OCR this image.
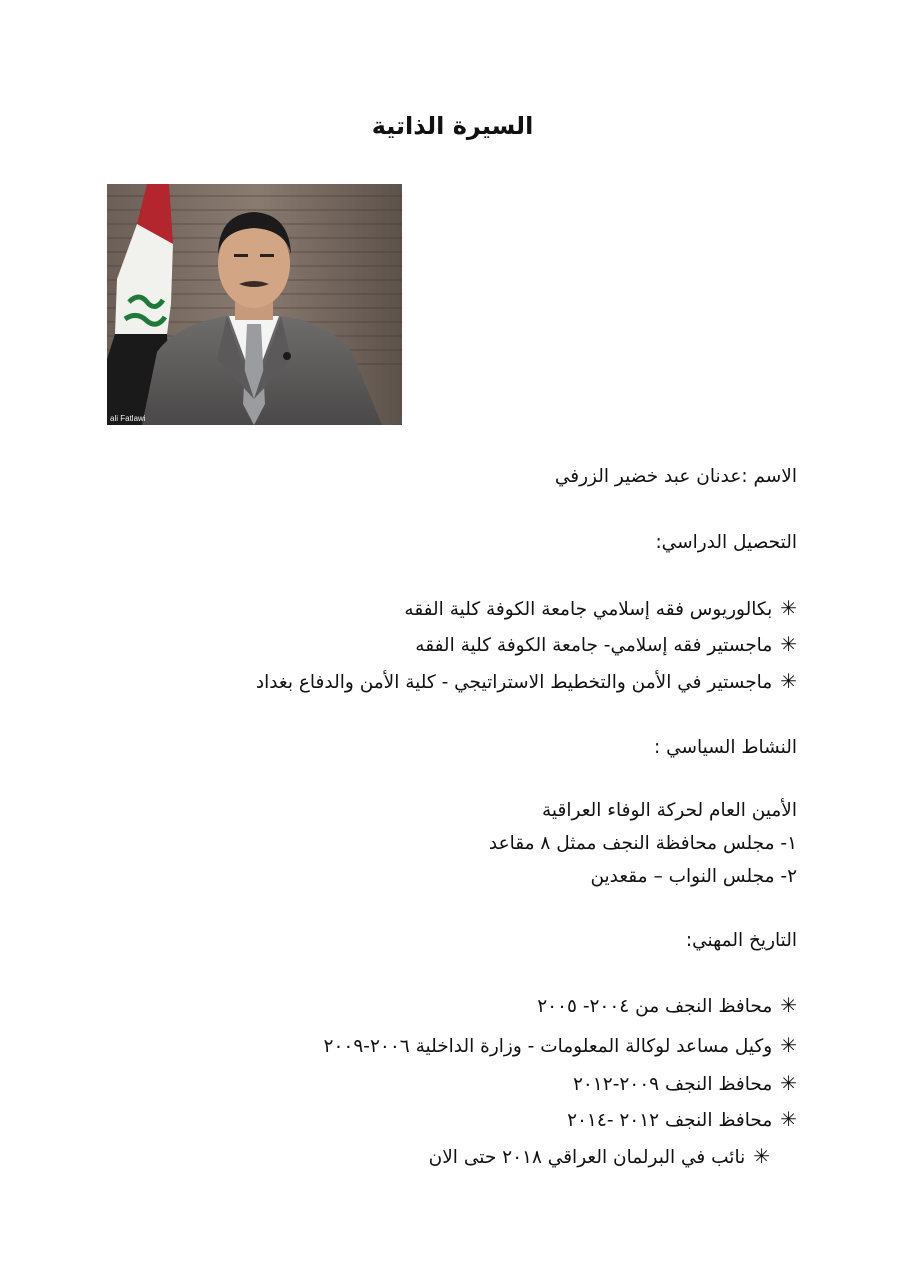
السيرة الذاتية
ali Fatlawi
الاسم :عدنان عبد خضير الزرفي
التحصيل الدراسي:
✳بكالوريوس فقه إسلامي جامعة الكوفة كلية الفقه
✳ماجستير فقه إسلامي- جامعة الكوفة كلية الفقه
✳ماجستير في الأمن والتخطيط الاستراتيجي - كلية الأمن والدفاع بغداد
النشاط السياسي :
الأمين العام لحركة الوفاء العراقية
١- مجلس محافظة النجف ممثل ٨ مقاعد
٢- مجلس النواب – مقعدين
التاريخ المهني:
✳محافظ النجف من ٢٠٠٤- ٢٠٠٥
✳وكيل مساعد لوكالة المعلومات - وزارة الداخلية ٢٠٠٦-٢٠٠٩
✳محافظ النجف ٢٠٠٩-٢٠١٢
✳محافظ النجف ٢٠١٢ -٢٠١٤
✳نائب في البرلمان العراقي ٢٠١٨ حتى الان
